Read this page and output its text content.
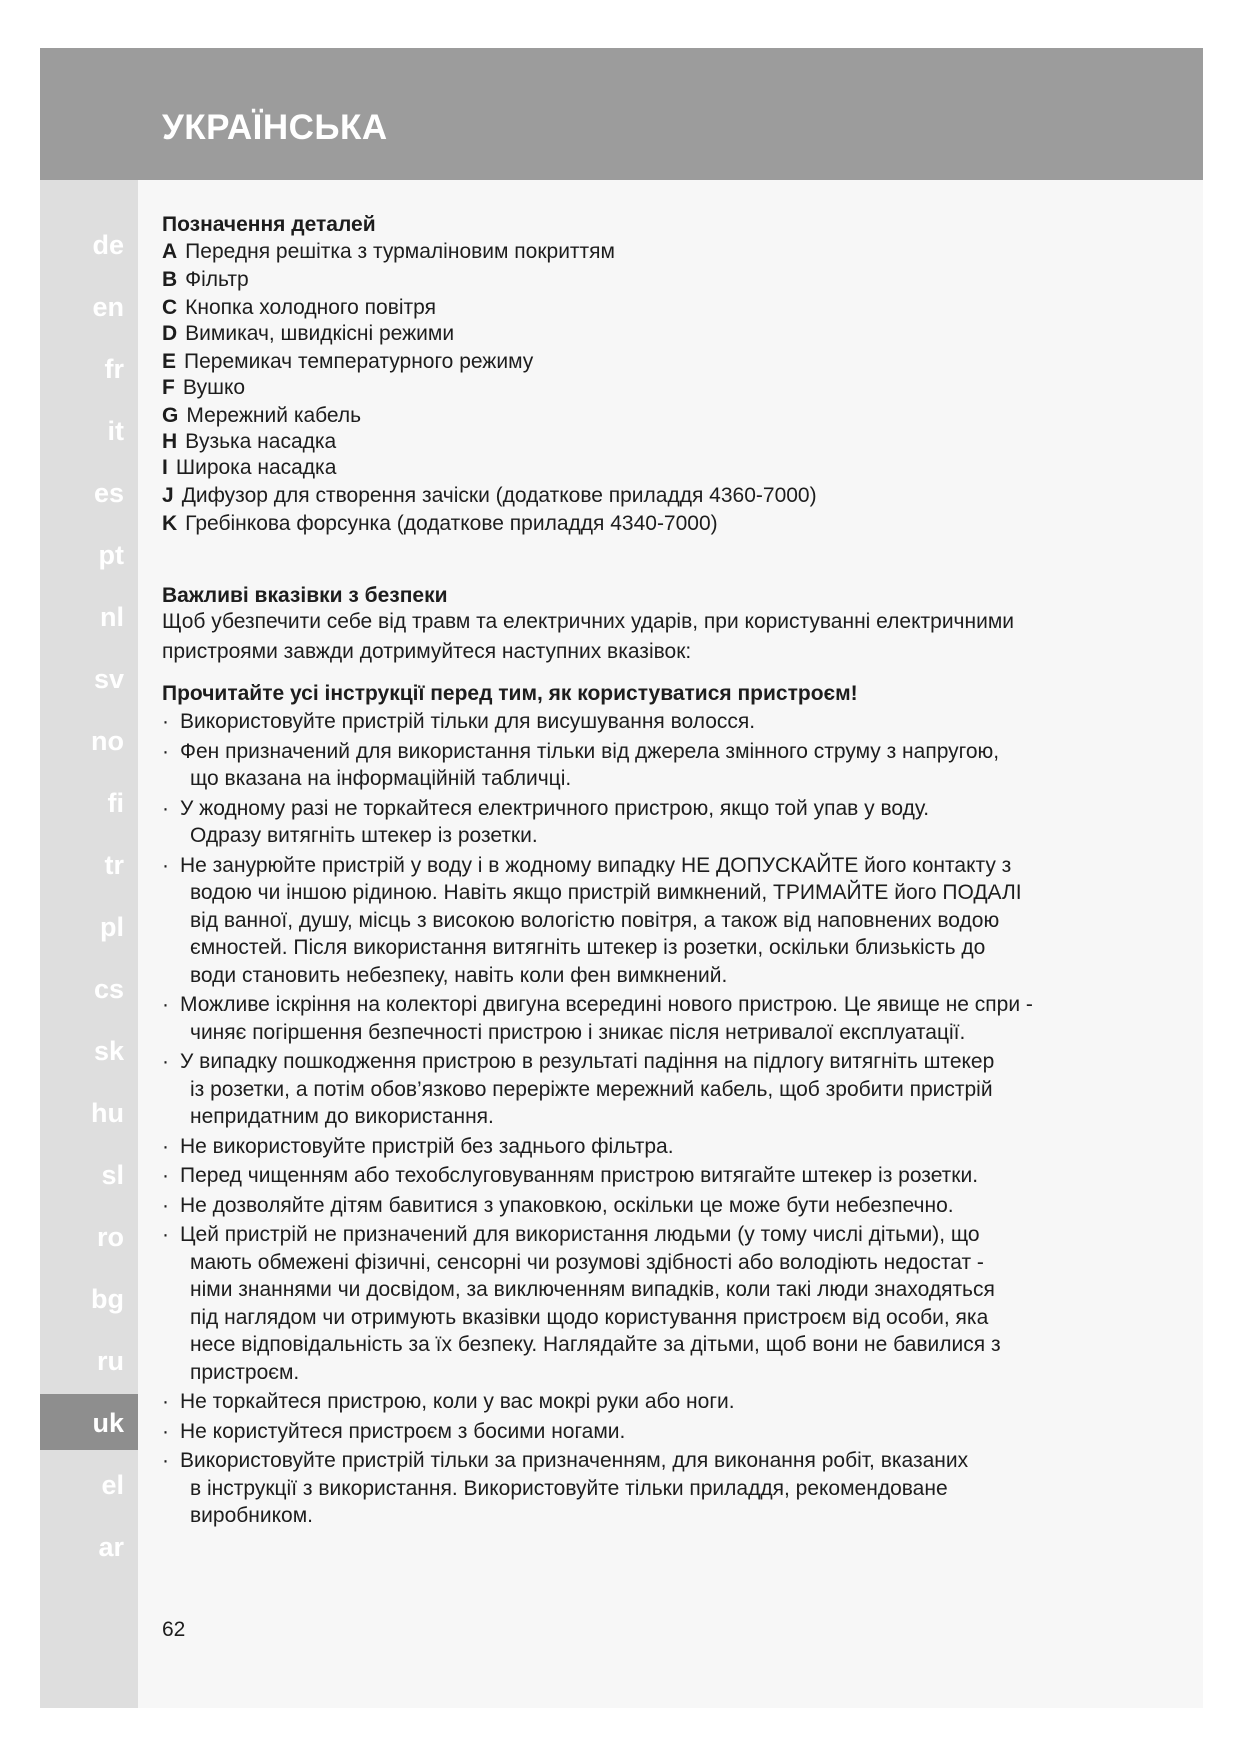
УКРАЇНСЬКА
de
en
fr
it
es
pt
nl
sv
no
fi
tr
pl
cs
sk
hu
sl
ro
bg
ru
uk
el
ar
Позначення деталей
A Передня решітка з турмаліновим покриттям
B Фільтр
C Кнопка холодного повітря
D Вимикач, швидкісні режими
E Перемикач температурного режиму
F Вушко
G Мережний кабель
H Вузька насадка
I Широка насадка
J Дифузор для створення зачіски (додаткове приладдя 4360-7000)
K Гребінкова форсунка (додаткове приладдя 4340-7000)
Важливі вказівки з безпеки
Щоб убезпечити себе від травм та електричних ударів, при користуванні електричними
пристроями завжди дотримуйтеся наступних вказівок:
Прочитайте усі інструкції перед тим, як користуватися пристроєм!
· Використовуйте пристрій тільки для висушування волосся.
· Фен призначений для використання тільки від джерела змінного струму з напругою,
що вказана на інформаційній табличці.
· У жодному разі не торкайтеся електричного пристрою, якщо той упав у воду.
Одразу витягніть штекер із розетки.
· Не занурюйте пристрій у воду і в жодному випадку НЕ ДОПУСКАЙТЕ його контакту з
водою чи іншою рідиною. Навіть якщо пристрій вимкнений, ТРИМАЙТЕ його ПОДАЛІ
від ванної, душу, місць з високою вологістю повітря, а також від наповнених водою
ємностей. Після використання витягніть штекер із розетки, оскільки близькість до
води становить небезпеку, навіть коли фен вимкнений.
· Можливе іскріння на колекторі двигуна всередині нового пристрою. Це явище не спри -
чиняє погіршення безпечності пристрою і зникає після нетривалої експлуатації.
· У випадку пошкодження пристрою в результаті падіння на підлогу витягніть штекер
із розетки, а потім обов’язково переріжте мережний кабель, щоб зробити пристрій
непридатним до використання.
· Не використовуйте пристрій без заднього фільтра.
· Перед чищенням або техобслуговуванням пристрою витягайте штекер із розетки.
· Не дозволяйте дітям бавитися з упаковкою, оскільки це може бути небезпечно.
· Цей пристрій не призначений для використання людьми (у тому числі дітьми), що
мають обмежені фізичні, сенсорні чи розумові здібності або володіють недостат -
німи знаннями чи досвідом, за виключенням випадків, коли такі люди знаходяться
під наглядом чи отримують вказівки щодо користування пристроєм від особи, яка
несе відповідальність за їх безпеку. Наглядайте за дітьми, щоб вони не бавилися з
пристроєм.
· Не торкайтеся пристрою, коли у вас мокрі руки або ноги.
· Не користуйтеся пристроєм з босими ногами.
· Використовуйте пристрій тільки за призначенням, для виконання робіт, вказаних
в інструкції з використання. Використовуйте тільки приладдя, рекомендоване
виробником.
62
